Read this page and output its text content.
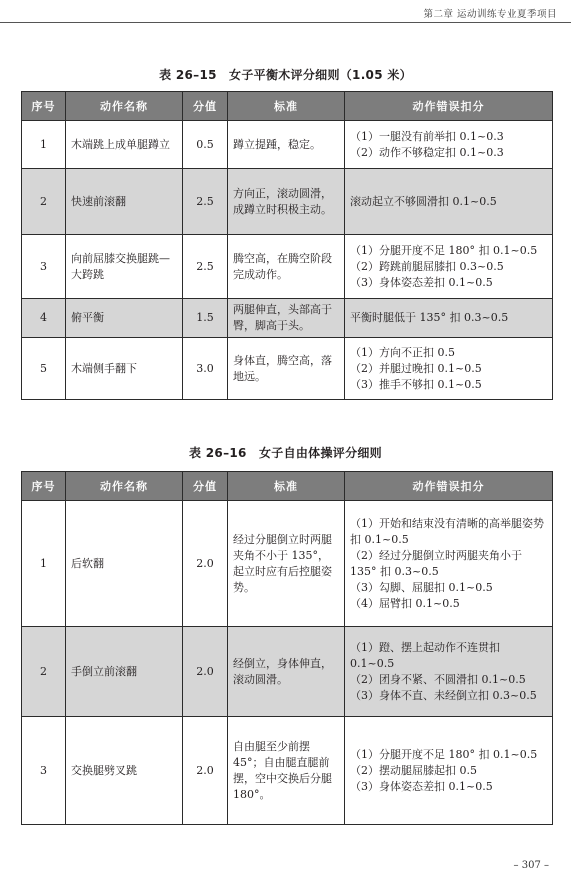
第二章 运动训练专业夏季项目
表 26–15　女子平衡木评分细则（1.05 米）
序号	动作名称	分值	标准	动作错误扣分
1	木端跳上成单腿蹲立	0.5	蹲立提踵，稳定。	（1）一腿没有前举扣 0.1~0.3
（2）动作不够稳定扣 0.1~0.3

2	快速前滚翻	2.5	方向正，滚动圆滑，成蹲立时积极主动。	滚动起立不够圆滑扣 0.1~0.5

3	向前屈膝交换腿跳—大跨跳	2.5	腾空高，在腾空阶段完成动作。	（1）分腿开度不足 180° 扣 0.1~0.5
（2）跨跳前腿屈膝扣 0.3~0.5
（3）身体姿态差扣 0.1~0.5

4	俯平衡	1.5	两腿伸直，头部高于臀，脚高于头。	平衡时腿低于 135° 扣 0.3~0.5

5	木端侧手翻下	3.0	身体直，腾空高，落地远。	（1）方向不正扣 0.5
（2）并腿过晚扣 0.1~0.5
（3）推手不够扣 0.1~0.5
表 26–16　女子自由体操评分细则
序号	动作名称	分值	标准	动作错误扣分
1	后软翻	2.0	经过分腿倒立时两腿夹角不小于 135°，起立时应有后控腿姿势。	（1）开始和结束没有清晰的高举腿姿势扣 0.1~0.5
（2）经过分腿倒立时两腿夹角小于 135° 扣 0.3~0.5
（3）勾脚、屈腿扣 0.1~0.5
（4）屈臂扣 0.1~0.5

2	手倒立前滚翻	2.0	经倒立，身体伸直，滚动圆滑。	（1）蹬、摆上起动作不连贯扣 0.1~0.5
（2）团身不紧、不圆滑扣 0.1~0.5
（3）身体不直、未经倒立扣 0.3~0.5

3	交换腿劈叉跳	2.0	自由腿至少前摆 45°；自由腿直腿前摆，空中交换后分腿 180°。	（1）分腿开度不足 180° 扣 0.1~0.5
（2）摆动腿屈膝起扣 0.5
（3）身体姿态差扣 0.1~0.5
– 307 –
